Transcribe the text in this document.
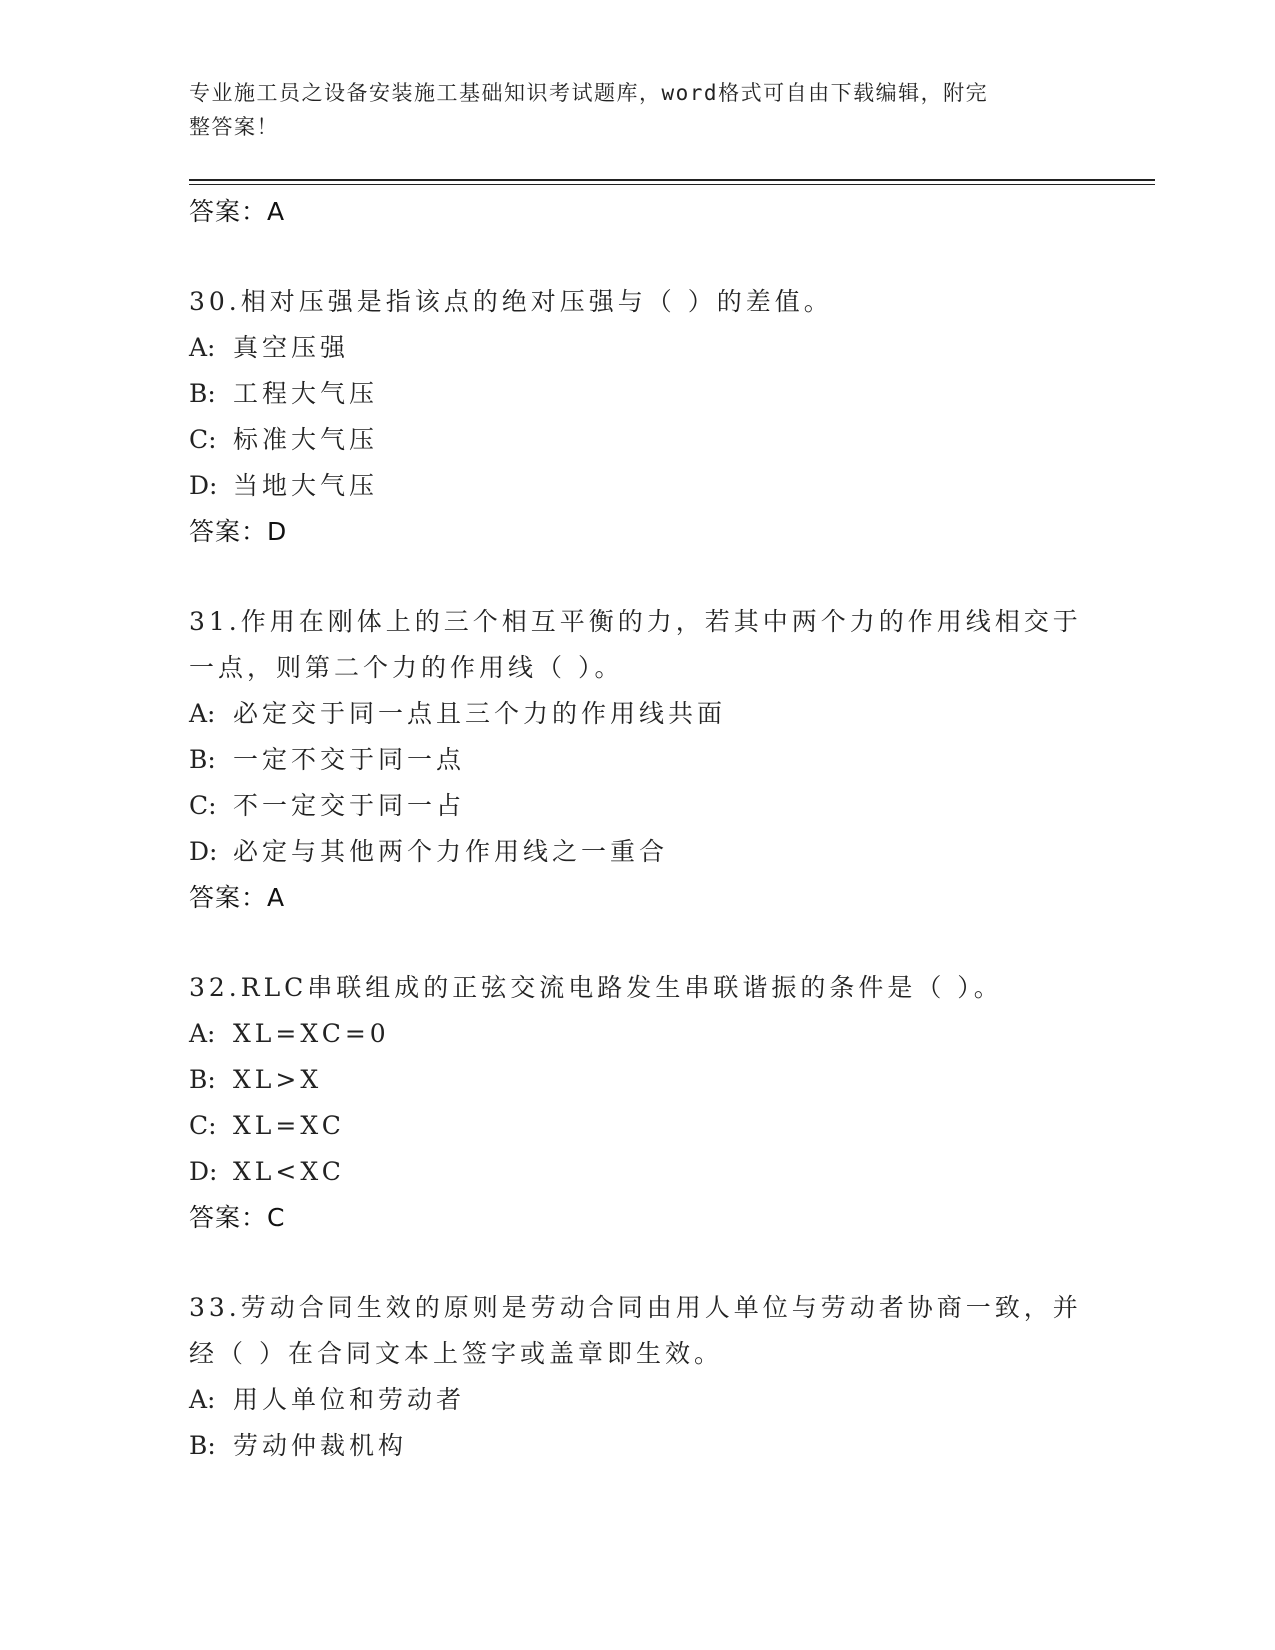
专业施工员之设备安装施工基础知识考试题库，word格式可自由下载编辑，附完
整答案！
答案：A
30.相对压强是指该点的绝对压强与（ ）的差值。
A: 真空压强
B: 工程大气压
C: 标准大气压
D: 当地大气压
答案：D
31.作用在刚体上的三个相互平衡的力，若其中两个力的作用线相交于一点，则第二个力的作用线（ ）。
A: 必定交于同一点且三个力的作用线共面
B: 一定不交于同一点
C: 不一定交于同一占
D: 必定与其他两个力作用线之一重合
答案：A
32.RLC串联组成的正弦交流电路发生串联谐振的条件是（ ）。
A: XL=XC=0
B: XL>X
C: XL=XC
D: XL<XC
答案：C
33.劳动合同生效的原则是劳动合同由用人单位与劳动者协商一致，并经（ ）在合同文本上签字或盖章即生效。
A: 用人单位和劳动者
B: 劳动仲裁机构
